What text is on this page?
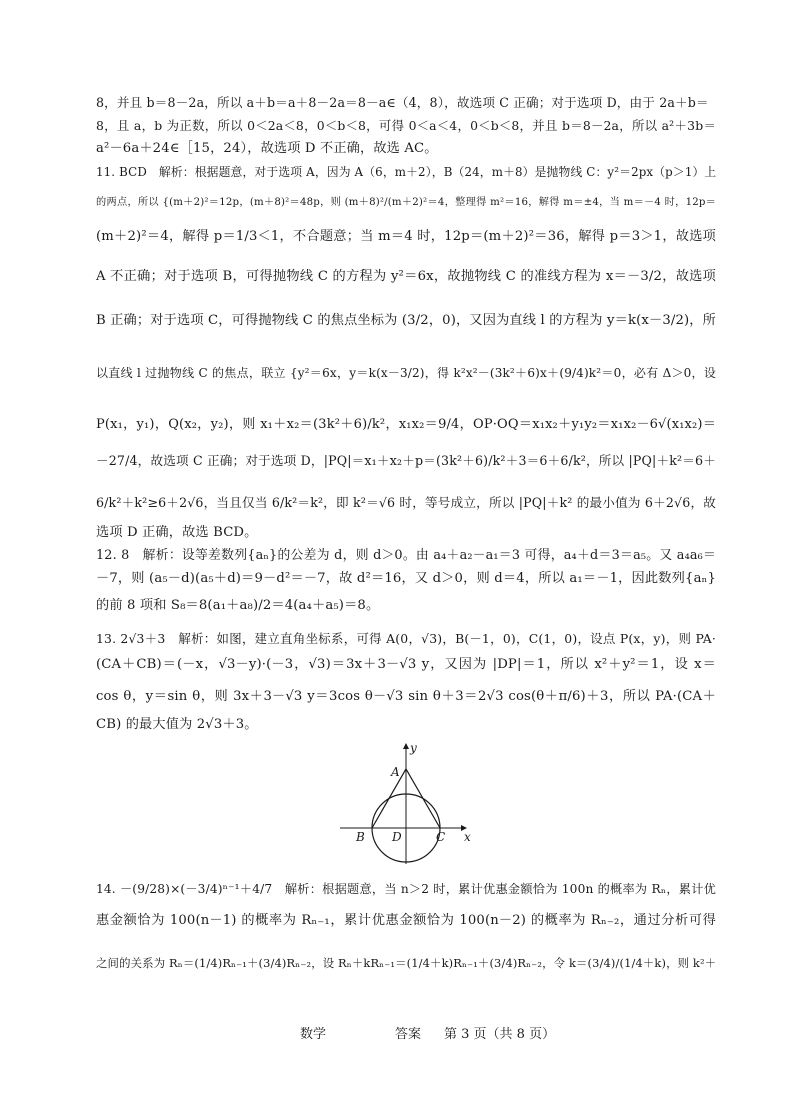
8，并且 b＝8－2a，所以 a＋b＝a＋8－2a＝8－a∈（4，8），故选项 C 正确；对于选项 D，由于 2a＋b＝
8，且 a，b 为正数，所以 0＜2a＜8，0＜b＜8，可得 0＜a＜4，0＜b＜8，并且 b＝8－2a，所以 a²＋3b＝
a²－6a＋24∈［15，24），故选项 D 不正确，故选 AC。
11. BCD　解析：根据题意，对于选项 A，因为 A（6，m＋2），B（24，m＋8）是抛物线 C：y²＝2px（p＞1）上
的两点，所以 {(m＋2)²＝12p，(m＋8)²＝48p，则 (m＋8)²/(m＋2)²＝4，整理得 m²＝16，解得 m＝±4，当 m＝－4 时，12p＝
(m＋2)²＝4，解得 p＝1/3＜1，不合题意；当 m＝4 时，12p＝(m＋2)²＝36，解得 p＝3＞1，故选项
A 不正确；对于选项 B，可得抛物线 C 的方程为 y²＝6x，故抛物线 C 的准线方程为 x＝－3/2，故选项
B 正确；对于选项 C，可得抛物线 C 的焦点坐标为 (3/2，0)，又因为直线 l 的方程为 y＝k(x－3/2)，所
以直线 l 过抛物线 C 的焦点，联立 {y²＝6x，y＝k(x－3/2)，得 k²x²－(3k²＋6)x＋(9/4)k²＝0，必有 Δ＞0，设
P(x₁，y₁)，Q(x₂，y₂)，则 x₁＋x₂＝(3k²＋6)/k²，x₁x₂＝9/4，OP·OQ＝x₁x₂＋y₁y₂＝x₁x₂－6√(x₁x₂)＝
－27/4，故选项 C 正确；对于选项 D，|PQ|＝x₁＋x₂＋p＝(3k²＋6)/k²＋3＝6＋6/k²，所以 |PQ|＋k²＝6＋
6/k²＋k²≥6＋2√6，当且仅当 6/k²＝k²，即 k²＝√6 时，等号成立，所以 |PQ|＋k² 的最小值为 6＋2√6，故
选项 D 正确，故选 BCD。
12. 8　解析：设等差数列{aₙ}的公差为 d，则 d＞0。由 a₄＋a₂－a₁＝3 可得，a₄＋d＝3＝a₅。又 a₄a₆＝
－7，则 (a₅－d)(a₅＋d)＝9－d²＝－7，故 d²＝16，又 d＞0，则 d＝4，所以 a₁＝－1，因此数列{aₙ}
的前 8 项和 S₈＝8(a₁＋a₈)/2＝4(a₄＋a₅)＝8。
13. 2√3＋3　解析：如图，建立直角坐标系，可得 A(0，√3)，B(－1，0)，C(1，0)，设点 P(x，y)，则 PA·
(CA＋CB)＝(－x，√3－y)·(－3，√3)＝3x＋3－√3 y，又因为 |DP|＝1，所以 x²＋y²＝1，设 x＝
cos θ，y＝sin θ，则 3x＋3－√3 y＝3cos θ－√3 sin θ＋3＝2√3 cos(θ＋π/6)＋3，所以 PA·(CA＋
CB) 的最大值为 2√3＋3。
y
x
A
B	C
D
14. －(9/28)×(－3/4)ⁿ⁻¹＋4/7　解析：根据题意，当 n＞2 时，累计优惠金额恰为 100n 的概率为 Rₙ，累计优
惠金额恰为 100(n－1) 的概率为 Rₙ₋₁，累计优惠金额恰为 100(n－2) 的概率为 Rₙ₋₂，通过分析可得
之间的关系为 Rₙ＝(1/4)Rₙ₋₁＋(3/4)Rₙ₋₂，设 Rₙ＋kRₙ₋₁＝(1/4＋k)Rₙ₋₁＋(3/4)Rₙ₋₂，令 k＝(3/4)/(1/4＋k)，则 k²＋
数学	答案 第 3 页（共 8 页）
